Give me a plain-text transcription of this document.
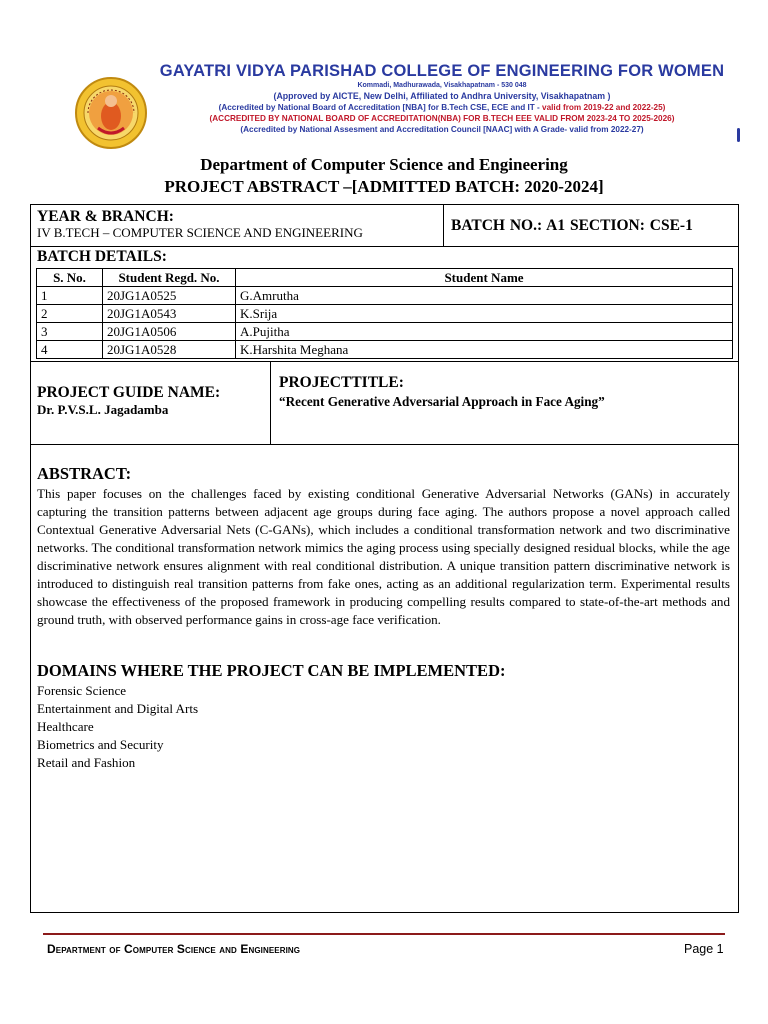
GAYATRI VIDYA PARISHAD COLLEGE OF ENGINEERING FOR WOMEN
Kommadi, Madhurawada, Visakhapatnam - 530 048
(Approved by AICTE, New Delhi, Affiliated to Andhra University, Visakhapatnam )
(Accredited by National Board of Accreditation [NBA] for B.Tech CSE, ECE and IT - valid from 2019-22 and 2022-25)
(ACCREDITED BY NATIONAL BOARD OF ACCREDITATION(NBA) FOR B.TECH EEE VALID FROM 2023-24 TO 2025-2026)
(Accredited by National Assesment and Accreditation Council [NAAC] with A Grade- valid from 2022-27)
Department of Computer Science and Engineering
PROJECT ABSTRACT –[ADMITTED BATCH: 2020-2024]
YEAR & BRANCH:
IV B.TECH – COMPUTER SCIENCE AND ENGINEERING	BATCH NO.: A1 SECTION: CSE-1
BATCH DETAILS:
S. No.	Student Regd. No.	Student Name
1	20JG1A0525	G.Amrutha
2	20JG1A0543	K.Srija
3	20JG1A0506	A.Pujitha
4	20JG1A0528	K.Harshita Meghana
PROJECT GUIDE NAME:
Dr. P.V.S.L. Jagadamba
PROJECTTITLE:
“Recent Generative Adversarial Approach in Face Aging”
ABSTRACT:
This paper focuses on the challenges faced by existing conditional Generative Adversarial Networks (GANs) in accurately capturing the transition patterns between adjacent age groups during face aging. The authors propose a novel approach called Contextual Generative Adversarial Nets (C-GANs), which includes a conditional transformation network and two discriminative networks. The conditional transformation network mimics the aging process using specially designed residual blocks, while the age discriminative network ensures alignment with real conditional distribution. A unique transition pattern discriminative network is introduced to distinguish real transition patterns from fake ones, acting as an additional regularization term. Experimental results showcase the effectiveness of the proposed framework in producing compelling results compared to state-of-the-art methods and ground truth, with observed performance gains in cross-age face verification.
DOMAINS WHERE THE PROJECT CAN BE IMPLEMENTED:
Forensic Science
Entertainment and Digital Arts
Healthcare
Biometrics and Security
Retail and Fashion
Department of Computer Science and Engineering	Page 1
